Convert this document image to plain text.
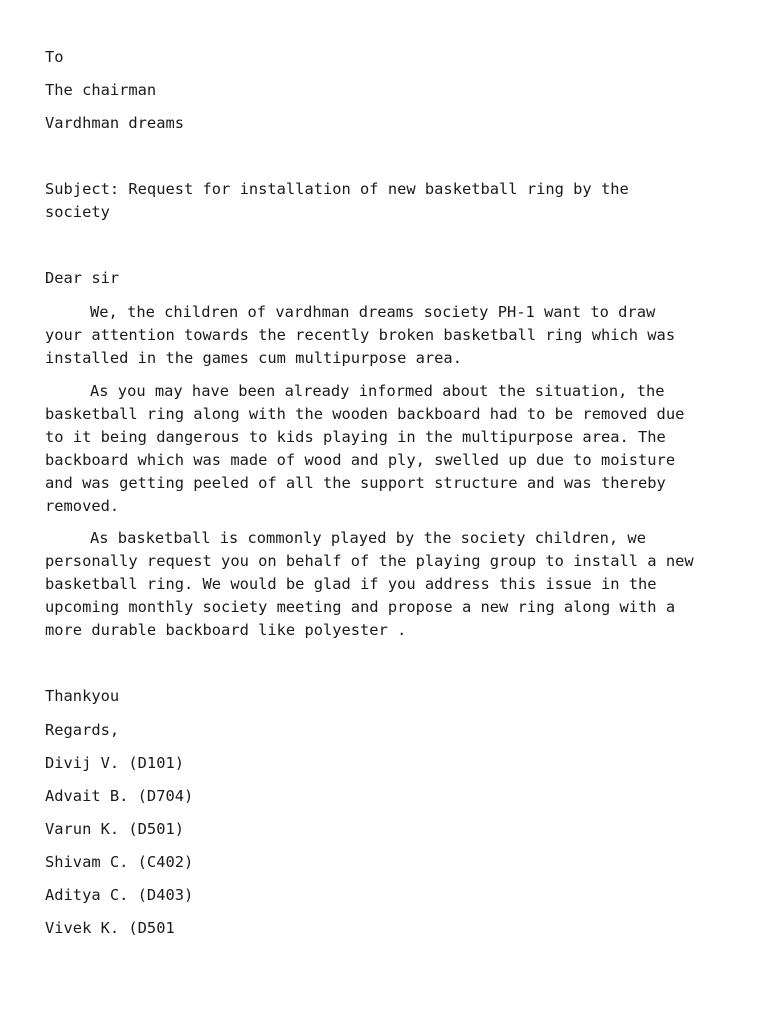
To
The chairman
Vardhman dreams
Subject: Request for installation of new basketball ring by the
society
Dear sir
We, the children of vardhman dreams society PH-1 want to draw
your attention towards the recently broken basketball ring which was
installed in the games cum multipurpose area.
As you may have been already informed about the situation, the
basketball ring along with the wooden backboard had to be removed due
to it being dangerous to kids playing in the multipurpose area. The
backboard which was made of wood and ply, swelled up due to moisture
and was getting peeled of all the support structure and was thereby
removed.
As basketball is commonly played by the society children, we
personally request you on behalf of the playing group to install a new
basketball ring. We would be glad if you address this issue in the
upcoming monthly society meeting and propose a new ring along with a
more durable backboard like polyester .
Thankyou
Regards,
Divij V. (D101)
Advait B. (D704)
Varun K. (D501)
Shivam C. (C402)
Aditya C. (D403)
Vivek K. (D501
